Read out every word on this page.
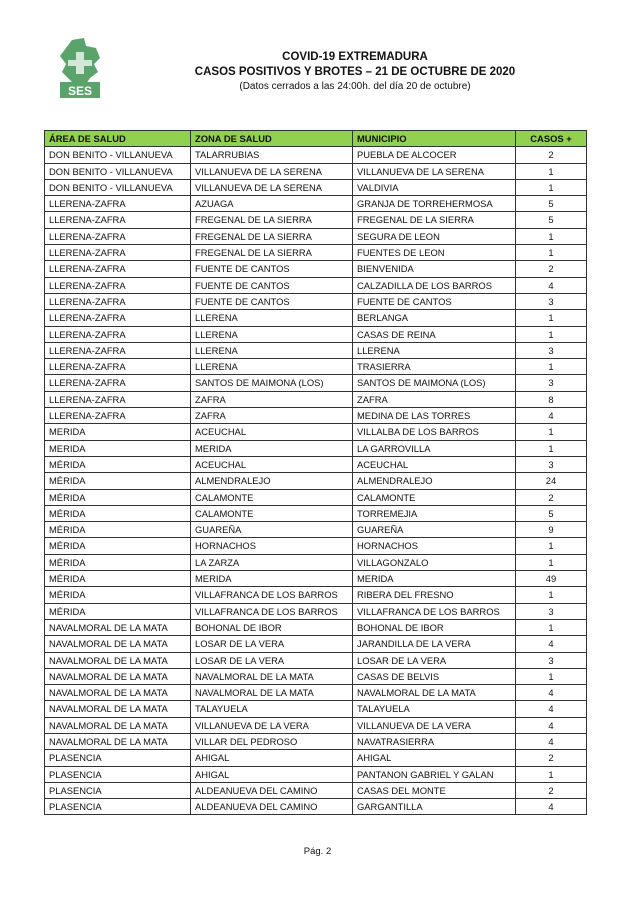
SES
COVID-19 EXTREMADURA
CASOS POSITIVOS Y BROTES – 21 DE OCTUBRE DE 2020
(Datos cerrados a las 24:00h. del día 20 de octubre)
ÁREA DE SALUD	ZONA DE SALUD	MUNICIPIO	CASOS +
DON BENITO - VILLANUEVA	TALARRUBIAS	PUEBLA DE ALCOCER	2
DON BENITO - VILLANUEVA	VILLANUEVA DE LA SERENA	VILLANUEVA DE LA SERENA	1
DON BENITO - VILLANUEVA	VILLANUEVA DE LA SERENA	VALDIVIA	1
LLERENA-ZAFRA	AZUAGA	GRANJA DE TORREHERMOSA	5
LLERENA-ZAFRA	FREGENAL DE LA SIERRA	FREGENAL DE LA SIERRA	5
LLERENA-ZAFRA	FREGENAL DE LA SIERRA	SEGURA DE LEON	1
LLERENA-ZAFRA	FREGENAL DE LA SIERRA	FUENTES DE LEON	1
LLERENA-ZAFRA	FUENTE DE CANTOS	BIENVENIDA	2
LLERENA-ZAFRA	FUENTE DE CANTOS	CALZADILLA DE LOS BARROS	4
LLERENA-ZAFRA	FUENTE DE CANTOS	FUENTE DE CANTOS	3
LLERENA-ZAFRA	LLERENA	BERLANGA	1
LLERENA-ZAFRA	LLERENA	CASAS DE REINA	1
LLERENA-ZAFRA	LLERENA	LLERENA	3
LLERENA-ZAFRA	LLERENA	TRASIERRA	1
LLERENA-ZAFRA	SANTOS DE MAIMONA (LOS)	SANTOS DE MAIMONA (LOS)	3
LLERENA-ZAFRA	ZAFRA	ZAFRA	8
LLERENA-ZAFRA	ZAFRA	MEDINA DE LAS TORRES	4
MERIDA	ACEUCHAL	VILLALBA DE LOS BARROS	1
MERIDA	MERIDA	LA GARROVILLA	1
MÉRIDA	ACEUCHAL	ACEUCHAL	3
MÉRIDA	ALMENDRALEJO	ALMENDRALEJO	24
MÉRIDA	CALAMONTE	CALAMONTE	2
MÉRIDA	CALAMONTE	TORREMEJIA	5
MÉRIDA	GUAREÑA	GUAREÑA	9
MÉRIDA	HORNACHOS	HORNACHOS	1
MÉRIDA	LA ZARZA	VILLAGONZALO	1
MÉRIDA	MERIDA	MERIDA	49
MÉRIDA	VILLAFRANCA DE LOS BARROS	RIBERA DEL FRESNO	1
MÉRIDA	VILLAFRANCA DE LOS BARROS	VILLAFRANCA DE LOS BARROS	3
NAVALMORAL DE LA MATA	BOHONAL DE IBOR	BOHONAL DE IBOR	1
NAVALMORAL DE LA MATA	LOSAR DE LA VERA	JARANDILLA DE LA VERA	4
NAVALMORAL DE LA MATA	LOSAR DE LA VERA	LOSAR DE LA VERA	3
NAVALMORAL DE LA MATA	NAVALMORAL DE LA MATA	CASAS DE BELVIS	1
NAVALMORAL DE LA MATA	NAVALMORAL DE LA MATA	NAVALMORAL DE LA MATA	4
NAVALMORAL DE LA MATA	TALAYUELA	TALAYUELA	4
NAVALMORAL DE LA MATA	VILLANUEVA DE LA VERA	VILLANUEVA DE LA VERA	4
NAVALMORAL DE LA MATA	VILLAR DEL PEDROSO	NAVATRASIERRA	4
PLASENCIA	AHIGAL	AHIGAL	2
PLASENCIA	AHIGAL	PANTANON GABRIEL Y GALAN	1
PLASENCIA	ALDEANUEVA DEL CAMINO	CASAS DEL MONTE	2
PLASENCIA	ALDEANUEVA DEL CAMINO	GARGANTILLA	4
Pág. 2
